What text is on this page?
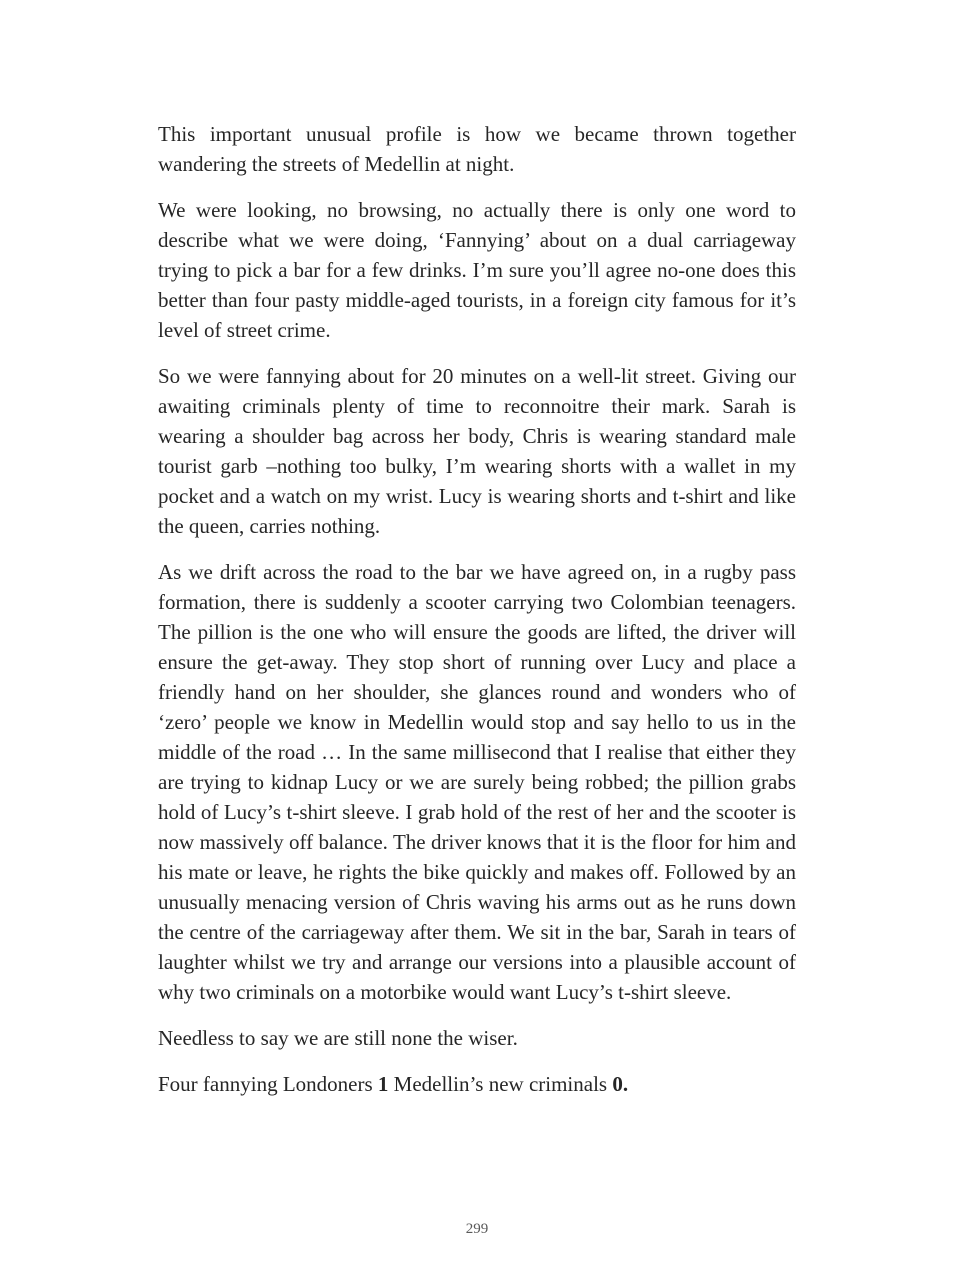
This important unusual profile is how we became thrown together wandering the streets of Medellin at night.

We were looking, no browsing, no actually there is only one word to describe what we were doing, ‘Fannying’ about on a dual carriageway trying to pick a bar for a few drinks. I’m sure you’ll agree no-one does this better than four pasty middle-aged tourists, in a foreign city famous for it’s level of street crime.

So we were fannying about for 20 minutes on a well-lit street. Giving our awaiting criminals plenty of time to reconnoitre their mark. Sarah is wearing a shoulder bag across her body, Chris is wearing standard male tourist garb –nothing too bulky, I’m wearing shorts with a wallet in my pocket and a watch on my wrist. Lucy is wearing shorts and t-shirt and like the queen, carries nothing.

As we drift across the road to the bar we have agreed on, in a rugby pass formation, there is suddenly a scooter carrying two Colombian teenagers. The pillion is the one who will ensure the goods are lifted, the driver will ensure the get-away. They stop short of running over Lucy and place a friendly hand on her shoulder, she glances round and wonders who of ‘zero’ people we know in Medellin would stop and say hello to us in the middle of the road … In the same millisecond that I realise that either they are trying to kidnap Lucy or we are surely being robbed; the pillion grabs hold of Lucy’s t-shirt sleeve. I grab hold of the rest of her and the scooter is now massively off balance. The driver knows that it is the floor for him and his mate or leave, he rights the bike quickly and makes off. Followed by an unusually menacing version of Chris waving his arms out as he runs down the centre of the carriageway after them. We sit in the bar, Sarah in tears of laughter whilst we try and arrange our versions into a plausible account of why two criminals on a motorbike would want Lucy’s t-shirt sleeve.

Needless to say we are still none the wiser.

Four fannying Londoners 1 Medellin’s new criminals 0.

299
